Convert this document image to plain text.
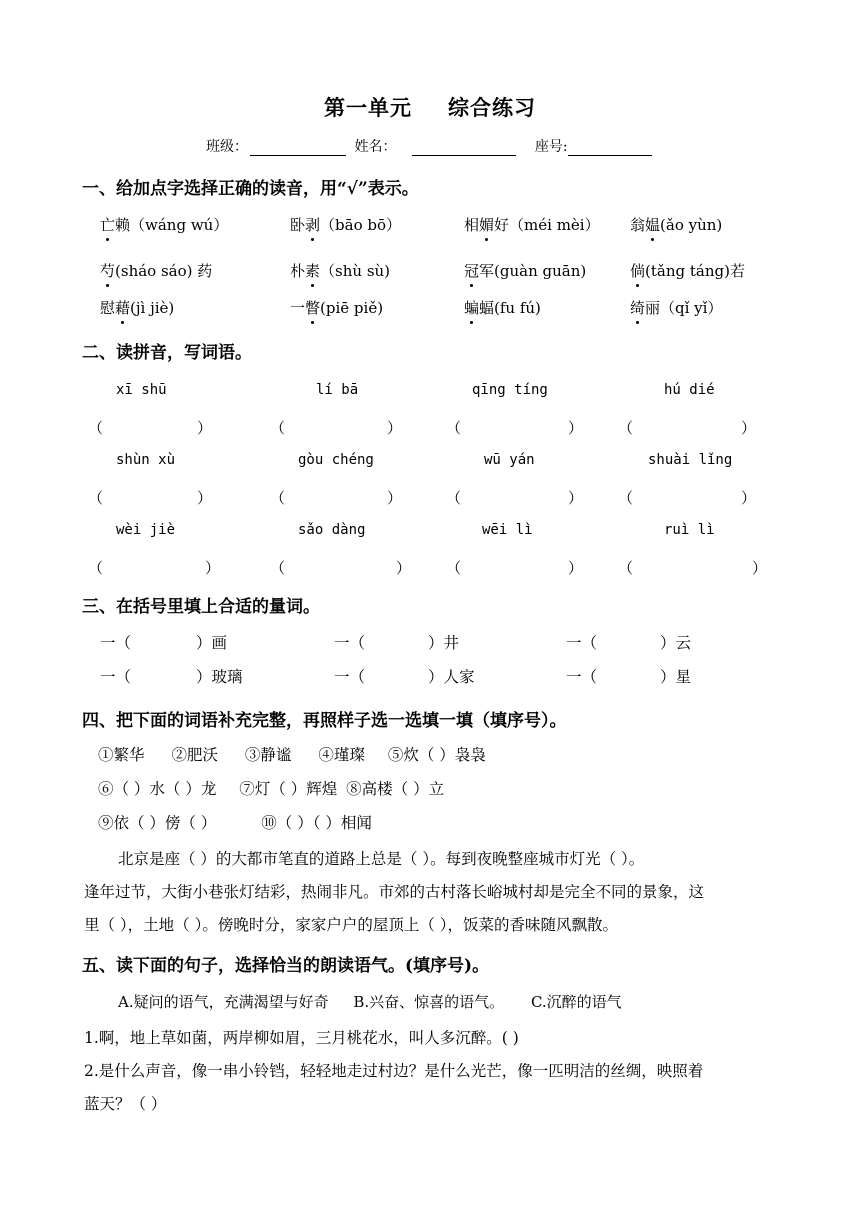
第一单元 综合练习
班级：	姓名：	座号:
一、给加点字选择正确的读音，用“√”表示。
亡赖（wáng wú）	卧剥（bāo bō）	相媚好（méi mèi） 翁媪(ǎo yùn)
芍(sháo sáo) 药	朴素（shù sù)	冠军(guàn guān)	倘(tǎng táng)若
慰藉(jì jiè)	一瞥(piē piě)	蝙蝠(fu fú)	绮丽（qǐ yǐ）
二、读拼音，写词语。
xī shū
（	）
lí bā
（	）
qīng tíng
（	）
hú dié
（	）
shùn xù
（	）
gòu chéng
（	）
wū yán
（	）
shuài lǐng
（	）
wèi jiè
（	）
sǎo dàng
（	）
wēi lì
（	）
ruì lì
（	）
三、在括号里填上合适的量词。
一（	）画	一（	）井	一（	）云
一（	）玻璃	一（	）人家	一（	）星
四、把下面的词语补充完整，再照样子选一选填一填（填序号）。
①繁华 ②肥沃 ③静谧 ④瑾璨 ⑤炊（ ）袅袅
⑥（ ）水（ ）龙 ⑦灯（ ）辉煌 ⑧高楼（ ）立
⑨依（ ）傍（ ）	⑩（ ）（ ）相闻
北京是座（ ）的大都市笔直的道路上总是（ ）。每到夜晚整座城市灯光（ ）。
逢年过节，大街小巷张灯结彩，热闹非凡。市郊的古村落长峪城村却是完全不同的景象，这
里（ ），土地（ ）。傍晚时分，家家户户的屋顶上（ ），饭菜的香味随风飘散。
五、读下面的句子，选择恰当的朗读语气。(填序号)。
A.疑问的语气，充满渴望与好奇 B.兴奋、惊喜的语气。 C.沉醉的语气
1.啊，地上草如菌，两岸柳如眉，三月桃花水，叫人多沉醉。( )
2.是什么声音，像一串小铃铛，轻轻地走过村边？是什么光芒，像一匹明洁的丝绸，映照着
蓝天？（ ）
